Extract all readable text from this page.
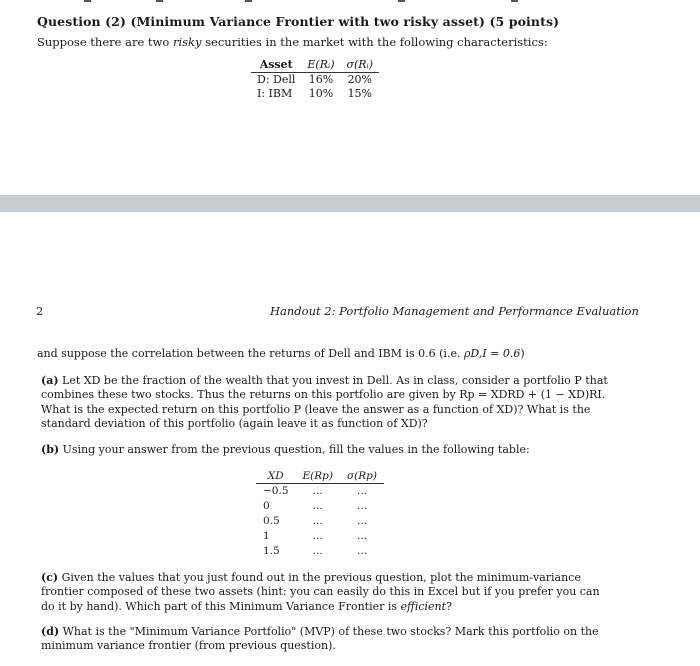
Question (2) (Minimum Variance Frontier with two risky asset) (5 points)
Suppose there are two risky securities in the market with the following characteristics:
Asset	E(Rᵢ)	σ(Rᵢ)
D: Dell	16%	20%
I: IBM	10%	15%
2	Handout 2: Portfolio Management and Performance Evaluation
and suppose the correlation between the returns of Dell and IBM is 0.6 (i.e. ρD,I = 0.6)
(a) Let XD be the fraction of the wealth that you invest in Dell. As in class, consider a portfolio P that combines these two stocks. Thus the returns on this portfolio are given by Rp = XDRD + (1 − XD)RI. What is the expected return on this portfolio P (leave the answer as a function of XD)? What is the standard deviation of this portfolio (again leave it as function of XD)?
(b) Using your answer from the previous question, fill the values in the following table:
XD	E(Rp)	σ(Rp)
−0.5	...	...
0	...	...
0.5	...	...
1	...	...
1.5	...	...
(c) Given the values that you just found out in the previous question, plot the minimum-variance frontier composed of these two assets (hint: you can easily do this in Excel but if you prefer you can do it by hand). Which part of this Minimum Variance Frontier is efficient?
(d) What is the "Minimum Variance Portfolio" (MVP) of these two stocks? Mark this portfolio on the minimum variance frontier (from previous question).
